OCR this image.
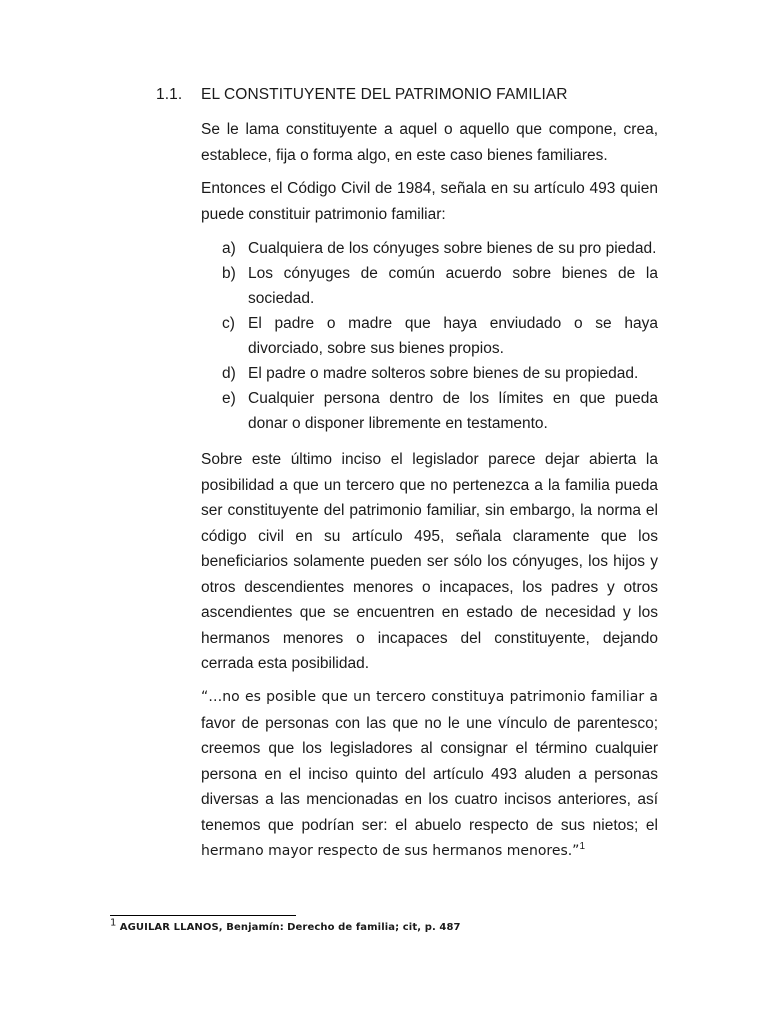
1.1. EL CONSTITUYENTE DEL PATRIMONIO FAMILIAR
Se le lama constituyente a aquel o aquello que compone, crea, establece, fija o forma algo, en este caso bienes familiares.
Entonces el Código Civil de 1984, señala en su artículo 493 quien puede constituir patrimonio familiar:
a) Cualquiera de los cónyuges sobre bienes de su pro piedad.
b) Los cónyuges de común acuerdo sobre bienes de la sociedad.
c) El padre o madre que haya enviudado o se haya divorciado, sobre sus bienes propios.
d) El padre o madre solteros sobre bienes de su propiedad.
e) Cualquier persona dentro de los límites en que pueda donar o disponer libremente en testamento.
Sobre este último inciso el legislador parece dejar abierta la posibilidad a que un tercero que no pertenezca a la familia pueda ser constituyente del patrimonio familiar, sin embargo, la norma el código civil en su artículo 495, señala claramente que los beneficiarios solamente pueden ser sólo los cónyuges, los hijos y otros descendientes menores o incapaces, los padres y otros ascendientes que se encuentren en estado de necesidad y los hermanos menores o incapaces del constituyente, dejando cerrada esta posibilidad.
“…no es posible que un tercero constituya patrimonio familiar a favor de personas con las que no le une vínculo de parentesco; creemos que los legisladores al consignar el término cualquier persona en el inciso quinto del artículo 493 aluden a personas diversas a las mencionadas en los cuatro incisos anteriores, así tenemos que podrían ser: el abuelo respecto de sus nietos; el hermano mayor respecto de sus hermanos menores.”$^1$
$^1$ AGUILAR LLANOS, Benjamín: Derecho de familia; cit, p. 487
